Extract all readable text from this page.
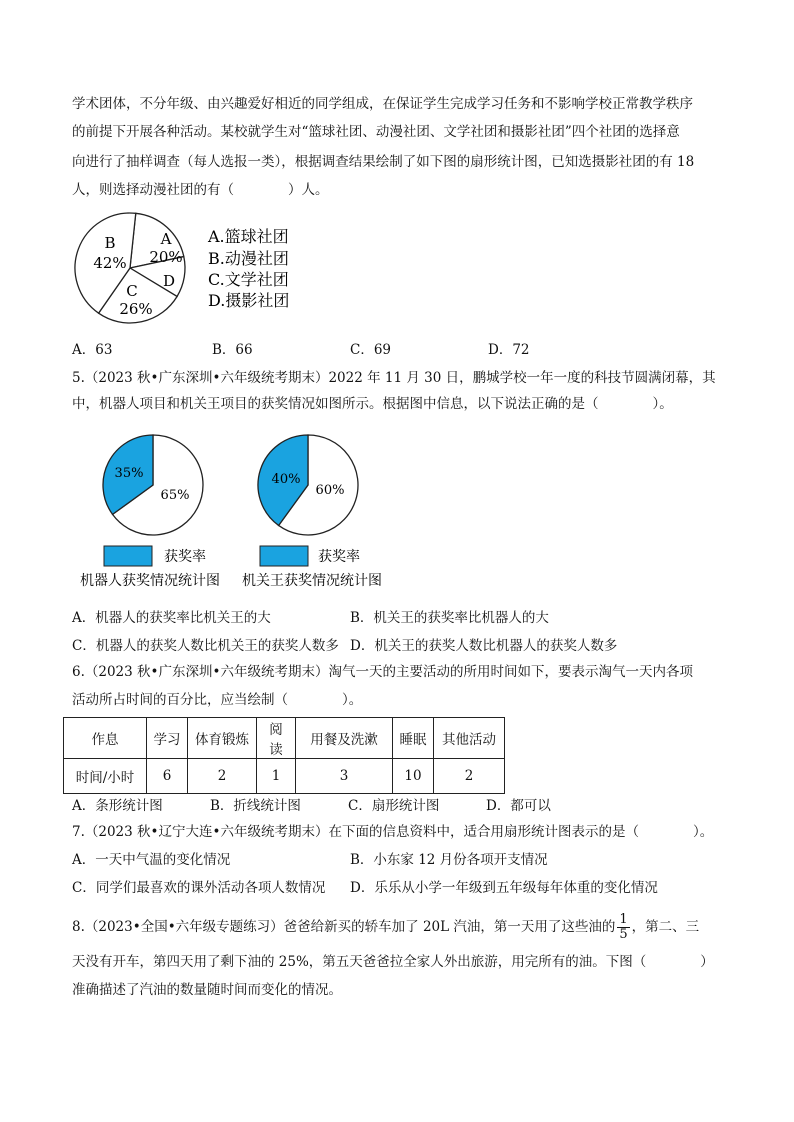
学术团体，不分年级、由兴趣爱好相近的同学组成，在保证学生完成学习任务和不影响学校正常教学秩序
的前提下开展各种活动。某校就学生对“篮球社团、动漫社团、文学社团和摄影社团”四个社团的选择意
向进行了抽样调查（每人选报一类），根据调查结果绘制了如下图的扇形统计图，已知选摄影社团的有 18
人，则选择动漫社团的有（　　　　）人。
A
20%
B
42%
C
26%
D
A.篮球社团
B.动漫社团
C.文学社团
D.摄影社团
A．63	B．66	C．69	D．72
5.（2023 秋•广东深圳•六年级统考期末）2022 年 11 月 30 日，鹏城学校一年一度的科技节圆满闭幕，其
中，机器人项目和机关王项目的获奖情况如图所示。根据图中信息，以下说法正确的是（　　　　）。
35%
65%
40%
60%
获奖率	获奖率
机器人获奖情况统计图 机关王获奖情况统计图
A．机器人的获奖率比机关王的大	B．机关王的获奖率比机器人的大
C．机器人的获奖人数比机关王的获奖人数多 D．机关王的获奖人数比机器人的获奖人数多
6.（2023 秋•广东深圳•六年级统考期末）淘气一天的主要活动的所用时间如下，要表示淘气一天内各项
活动所占时间的百分比，应当绘制（　　　　）。
作息	学习	体育锻炼	阅读	用餐及洗漱	睡眠	其他活动
时间/小时	6	2	1	3	10	2
A．条形统计图	B．折线统计图	C．扇形统计图	D．都可以
7.（2023 秋•辽宁大连•六年级统考期末）在下面的信息资料中，适合用扇形统计图表示的是（　　　　）。
A．一天中气温的变化情况	B．小东家 12 月份各项开支情况
C．同学们最喜欢的课外活动各项人数情况 D．乐乐从小学一年级到五年级每年体重的变化情况
8.（2023•全国•六年级专题练习）爸爸给新买的轿车加了 20L 汽油，第一天用了这些油的 $\frac{1}{5}$ ，第二、三
天没有开车，第四天用了剩下油的 25%，第五天爸爸拉全家人外出旅游，用完所有的油。下图（　　　　）
准确描述了汽油的数量随时间而变化的情况。
